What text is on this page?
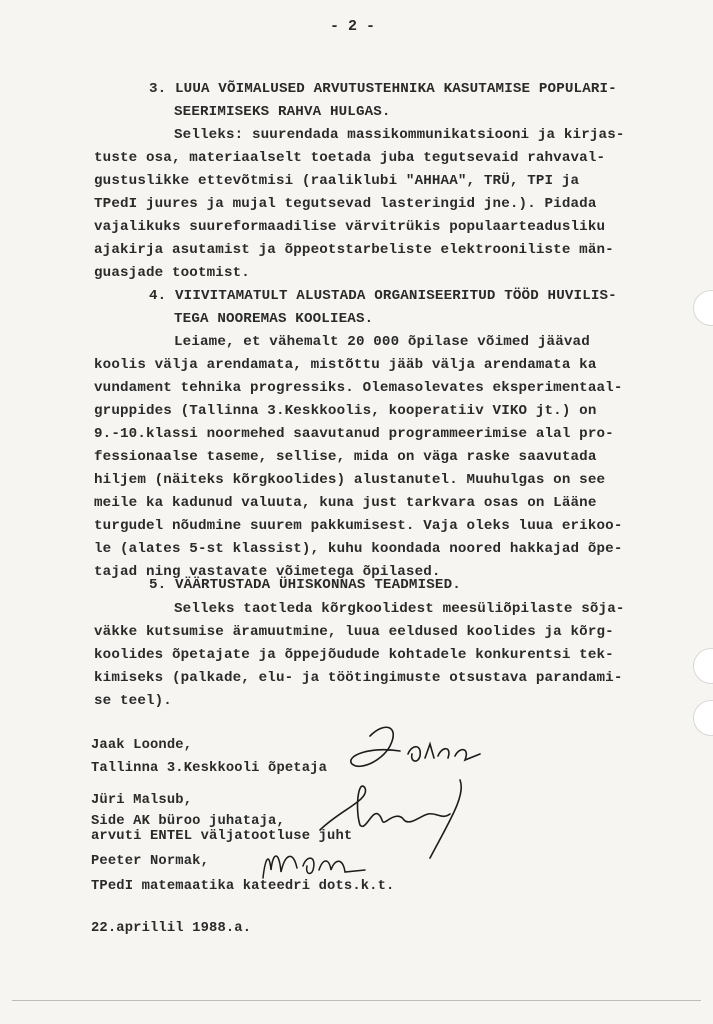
- 2 -
3. LUUA VÕIMALUSED ARVUTUSTEHNIKA KASUTAMISE POPULARI-
SEERIMISEKS RAHVA HULGAS.
Selleks: suurendada massikommunikatsiooni ja kirjas-
tuste osa, materiaalselt toetada juba tegutsevaid rahvaval-
gustuslikke ettevõtmisi (raaliklubi "AHHAA", TRÜ, TPI ja
TPedI juures ja mujal tegutsevad lasteringid jne.). Pidada
vajalikuks suureformaadilise värvitrükis populaarteadusliku
ajakirja asutamist ja õppeotstarbeliste elektrooniliste män-
guasjade tootmist.
4. VIIVITAMATULT ALUSTADA ORGANISEERITUD TÖÖD HUVILIS-
TEGA NOOREMAS KOOLIEAS.
Leiame, et vähemalt 20 000 õpilase võimed jäävad
koolis välja arendamata, mistõttu jääb välja arendamata ka
vundament tehnika progressiks. Olemasolevates eksperimentaal-
gruppides (Tallinna 3.Keskkoolis, kooperatiiv VIKO jt.) on
9.-10.klassi noormehed saavutanud programmeerimise alal pro-
fessionaalse taseme, sellise, mida on väga raske saavutada
hiljem (näiteks kõrgkoolides) alustanutel. Muuhulgas on see
meile ka kadunud valuuta, kuna just tarkvara osas on Lääne
turgudel nõudmine suurem pakkumisest. Vaja oleks luua erikoo-
le (alates 5-st klassist), kuhu koondada noored hakkajad õpe-
tajad ning vastavate võimetega õpilased.
5. VÄÄRTUSTADA ÜHISKONNAS TEADMISED.
Selleks taotleda kõrgkoolidest meesüliõpilaste sõja-
väkke kutsumise äramuutmine, luua eeldused koolides ja kõrg-
koolides õpetajate ja õppejõudude kohtadele konkurentsi tek-
kimiseks (palkade, elu- ja töötingimuste otsustava parandami-
se teel).
Jaak Loonde,
Tallinna 3.Keskkooli õpetaja
Jüri Malsub,
Side AK büroo juhataja,
arvuti ENTEL väljatootluse juht
Peeter Normak,
TPedI matemaatika kateedri dots.k.t.
22.aprillil 1988.a.
